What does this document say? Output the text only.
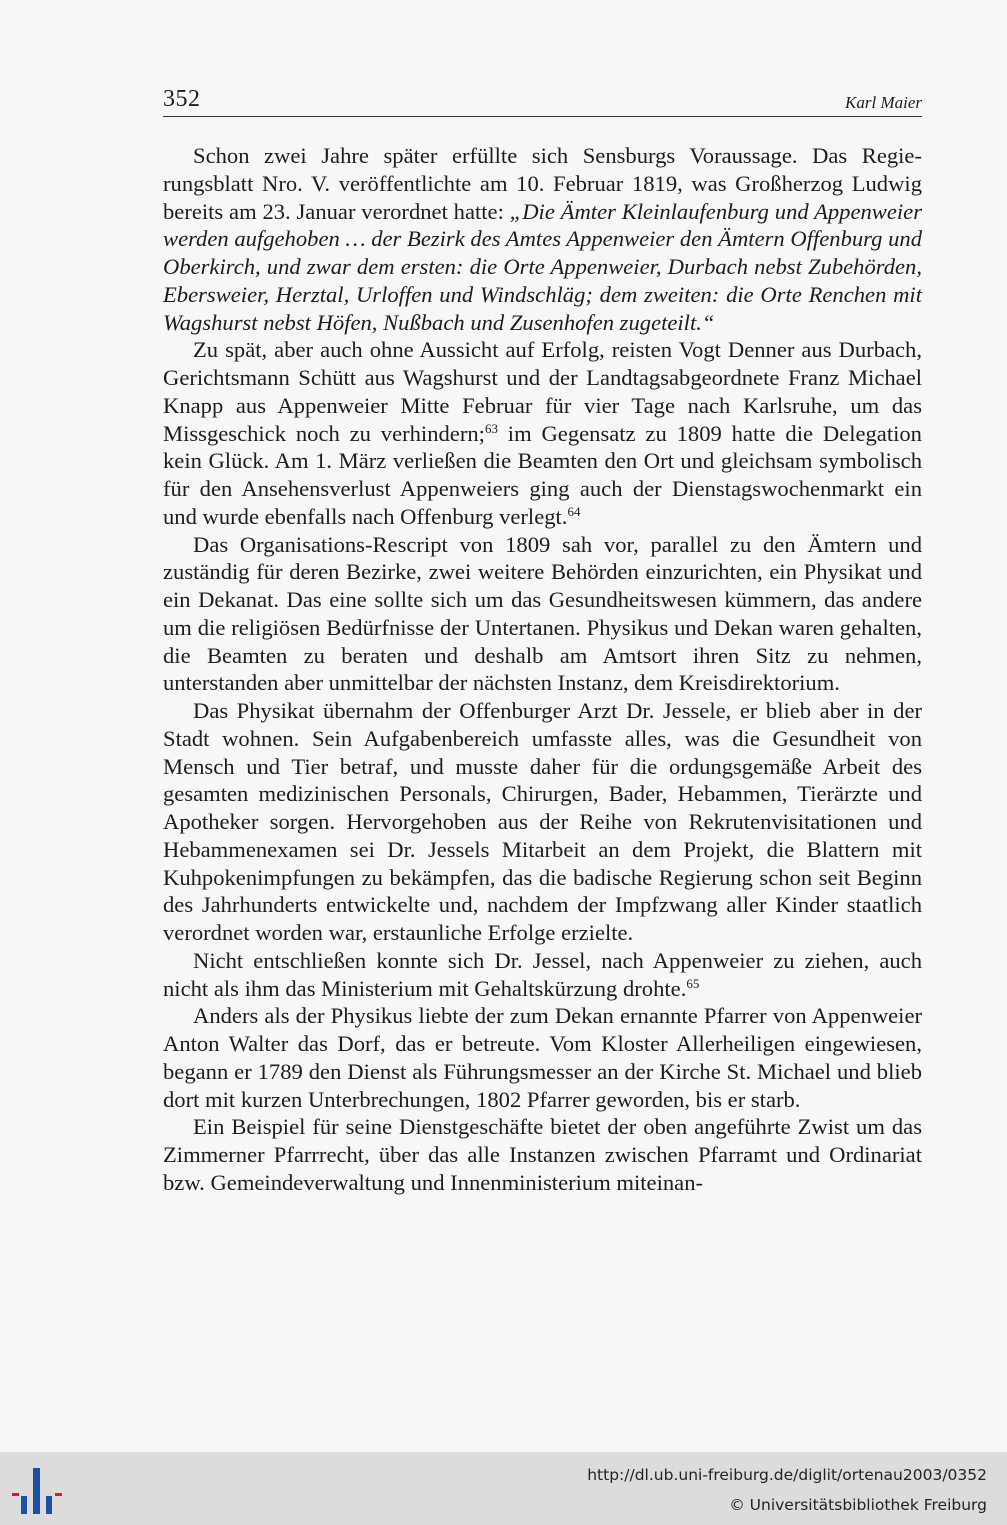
352	Karl Maier

Schon zwei Jahre später erfüllte sich Sensburgs Voraussage. Das Regierungsblatt Nro. V. veröffentlichte am 10. Februar 1819, was Großherzog Ludwig bereits am 23. Januar verordnet hatte: „Die Ämter Kleinlaufenburg und Appenweier werden aufgehoben … der Bezirk des Amtes Appenweier den Ämtern Offenburg und Oberkirch, und zwar dem ersten: die Orte Appenweier, Durbach nebst Zubehörden, Ebersweier, Herztal, Urloffen und Windschläg; dem zweiten: die Orte Renchen mit Wagshurst nebst Höfen, Nußbach und Zusenhofen zugeteilt.“

Zu spät, aber auch ohne Aussicht auf Erfolg, reisten Vogt Denner aus Durbach, Gerichtsmann Schütt aus Wagshurst und der Landtagsabgeordnete Franz Michael Knapp aus Appenweier Mitte Februar für vier Tage nach Karlsruhe, um das Missgeschick noch zu verhindern;$^{63}$ im Gegensatz zu 1809 hatte die Delegation kein Glück. Am 1. März verließen die Beamten den Ort und gleichsam symbolisch für den Ansehensverlust Appenweiers ging auch der Dienstagswochenmarkt ein und wurde ebenfalls nach Offenburg verlegt.$^{64}$

Das Organisations-Rescript von 1809 sah vor, parallel zu den Ämtern und zuständig für deren Bezirke, zwei weitere Behörden einzurichten, ein Physikat und ein Dekanat. Das eine sollte sich um das Gesundheitswesen kümmern, das andere um die religiösen Bedürfnisse der Untertanen. Physikus und Dekan waren gehalten, die Beamten zu beraten und deshalb am Amtsort ihren Sitz zu nehmen, unterstanden aber unmittelbar der nächsten Instanz, dem Kreisdirektorium.

Das Physikat übernahm der Offenburger Arzt Dr. Jessele, er blieb aber in der Stadt wohnen. Sein Aufgabenbereich umfasste alles, was die Gesundheit von Mensch und Tier betraf, und musste daher für die ordungsgemäße Arbeit des gesamten medizinischen Personals, Chirurgen, Bader, Hebammen, Tierärzte und Apotheker sorgen. Hervorgehoben aus der Reihe von Rekrutenvisitationen und Hebammenexamen sei Dr. Jessels Mitarbeit an dem Projekt, die Blattern mit Kuhpokenimpfungen zu bekämpfen, das die badische Regierung schon seit Beginn des Jahrhunderts entwickelte und, nachdem der Impfzwang aller Kinder staatlich verordnet worden war, erstaunliche Erfolge erzielte.

Nicht entschließen konnte sich Dr. Jessel, nach Appenweier zu ziehen, auch nicht als ihm das Ministerium mit Gehaltskürzung drohte.$^{65}$

Anders als der Physikus liebte der zum Dekan ernannte Pfarrer von Appenweier Anton Walter das Dorf, das er betreute. Vom Kloster Allerheiligen eingewiesen, begann er 1789 den Dienst als Führungsmesser an der Kirche St. Michael und blieb dort mit kurzen Unterbrechungen, 1802 Pfarrer geworden, bis er starb.

Ein Beispiel für seine Dienstgeschäfte bietet der oben angeführte Zwist um das Zimmerner Pfarrrecht, über das alle Instanzen zwischen Pfarramt und Ordinariat bzw. Gemeindeverwaltung und Innenministerium miteinan-

http://dl.ub.uni-freiburg.de/diglit/ortenau2003/0352
© Universitätsbibliothek Freiburg
